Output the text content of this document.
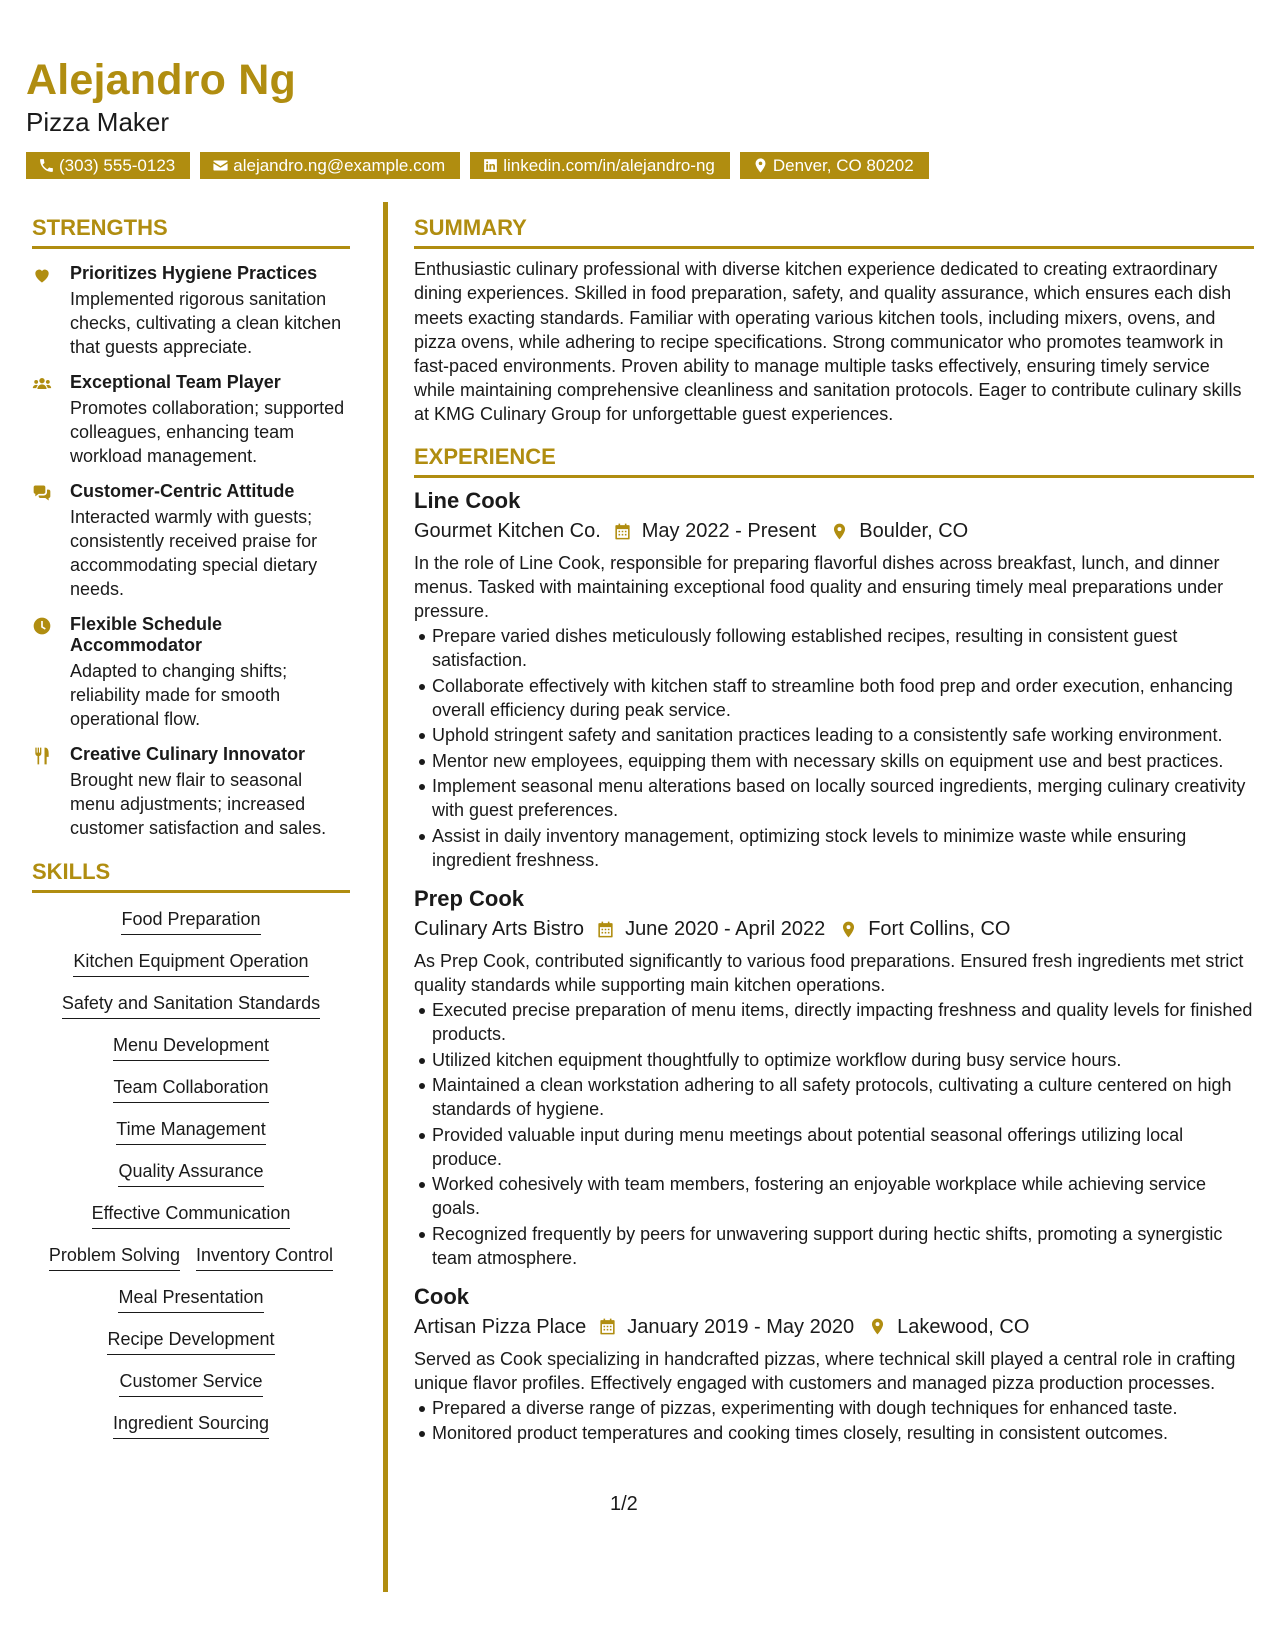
Alejandro Ng
Pizza Maker
(303) 555-0123	alejandro.ng@example.com	linkedin.com/in/alejandro-ng	Denver, CO 80202
STRENGTHS

Prioritizes Hygiene Practices

Implemented rigorous sanitation checks, cultivating a clean kitchen that guests appreciate.

Exceptional Team Player

Promotes collaboration; supported colleagues, enhancing team workload management.

Customer-Centric Attitude

Interacted warmly with guests; consistently received praise for accommodating special dietary needs.

Flexible Schedule Accommodator

Adapted to changing shifts; reliability made for smooth operational flow.

Creative Culinary Innovator

Brought new flair to seasonal menu adjustments; increased customer satisfaction and sales.

SKILLS
Food Preparation
Kitchen Equipment Operation
Safety and Sanitation Standards
Menu Development
Team Collaboration
Time Management
Quality Assurance
Effective Communication
Problem Solving Inventory Control
Meal Presentation
Recipe Development
Customer Service
Ingredient Sourcing
SUMMARY

Enthusiastic culinary professional with diverse kitchen experience dedicated to creating extraordinary dining experiences. Skilled in food preparation, safety, and quality assurance, which ensures each dish meets exacting standards. Familiar with operating various kitchen tools, including mixers, ovens, and pizza ovens, while adhering to recipe specifications. Strong communicator who promotes teamwork in fast-paced environments. Proven ability to manage multiple tasks effectively, ensuring timely service while maintaining comprehensive cleanliness and sanitation protocols. Eager to contribute culinary skills at KMG Culinary Group for unforgettable guest experiences.

EXPERIENCE

Line Cook

Gourmet Kitchen Co. May 2022 - Present Boulder, CO

In the role of Line Cook, responsible for preparing flavorful dishes across breakfast, lunch, and dinner menus. Tasked with maintaining exceptional food quality and ensuring timely meal preparations under pressure.

Prepare varied dishes meticulously following established recipes, resulting in consistent guest satisfaction.
Collaborate effectively with kitchen staff to streamline both food prep and order execution, enhancing overall efficiency during peak service.
Uphold stringent safety and sanitation practices leading to a consistently safe working environment.
Mentor new employees, equipping them with necessary skills on equipment use and best practices.
Implement seasonal menu alterations based on locally sourced ingredients, merging culinary creativity with guest preferences.
Assist in daily inventory management, optimizing stock levels to minimize waste while ensuring ingredient freshness.

Prep Cook

Culinary Arts Bistro June 2020 - April 2022 Fort Collins, CO

As Prep Cook, contributed significantly to various food preparations. Ensured fresh ingredients met strict quality standards while supporting main kitchen operations.

Executed precise preparation of menu items, directly impacting freshness and quality levels for finished products.
Utilized kitchen equipment thoughtfully to optimize workflow during busy service hours.
Maintained a clean workstation adhering to all safety protocols, cultivating a culture centered on high standards of hygiene.
Provided valuable input during menu meetings about potential seasonal offerings utilizing local produce.
Worked cohesively with team members, fostering an enjoyable workplace while achieving service goals.
Recognized frequently by peers for unwavering support during hectic shifts, promoting a synergistic team atmosphere.

Cook

Artisan Pizza Place January 2019 - May 2020 Lakewood, CO

Served as Cook specializing in handcrafted pizzas, where technical skill played a central role in crafting unique flavor profiles. Effectively engaged with customers and managed pizza production processes.

Prepared a diverse range of pizzas, experimenting with dough techniques for enhanced taste.
Monitored product temperatures and cooking times closely, resulting in consistent outcomes.
1/2
